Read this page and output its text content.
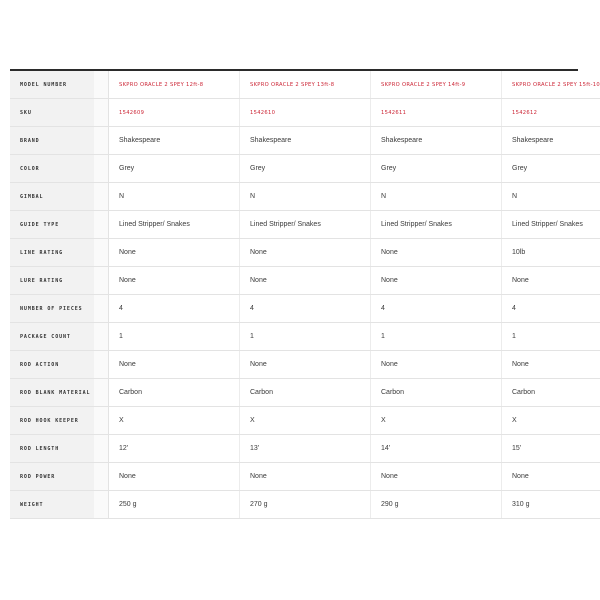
MODEL NUMBER		SKPRO ORACLE 2 SPEY 12ft-8	SKPRO ORACLE 2 SPEY 13ft-8	SKPRO ORACLE 2 SPEY 14ft-9	SKPRO ORACLE 2 SPEY 15ft-10
SKU		1542609	1542610	1542611	1542612
BRAND		Shakespeare	Shakespeare	Shakespeare	Shakespeare
COLOR		Grey	Grey	Grey	Grey
GIMBAL		N	N	N	N
GUIDE TYPE		Lined Stripper/ Snakes	Lined Stripper/ Snakes	Lined Stripper/ Snakes	Lined Stripper/ Snakes
LINE RATING		None	None	None	10lb
LURE RATING		None	None	None	None
NUMBER OF PIECES		4	4	4	4
PACKAGE COUNT		1	1	1	1
ROD ACTION		None	None	None	None
ROD BLANK MATERIAL		Carbon	Carbon	Carbon	Carbon
ROD HOOK KEEPER		X	X	X	X
ROD LENGTH		12'	13'	14'	15'
ROD POWER		None	None	None	None
WEIGHT		250 g	270 g	290 g	310 g
